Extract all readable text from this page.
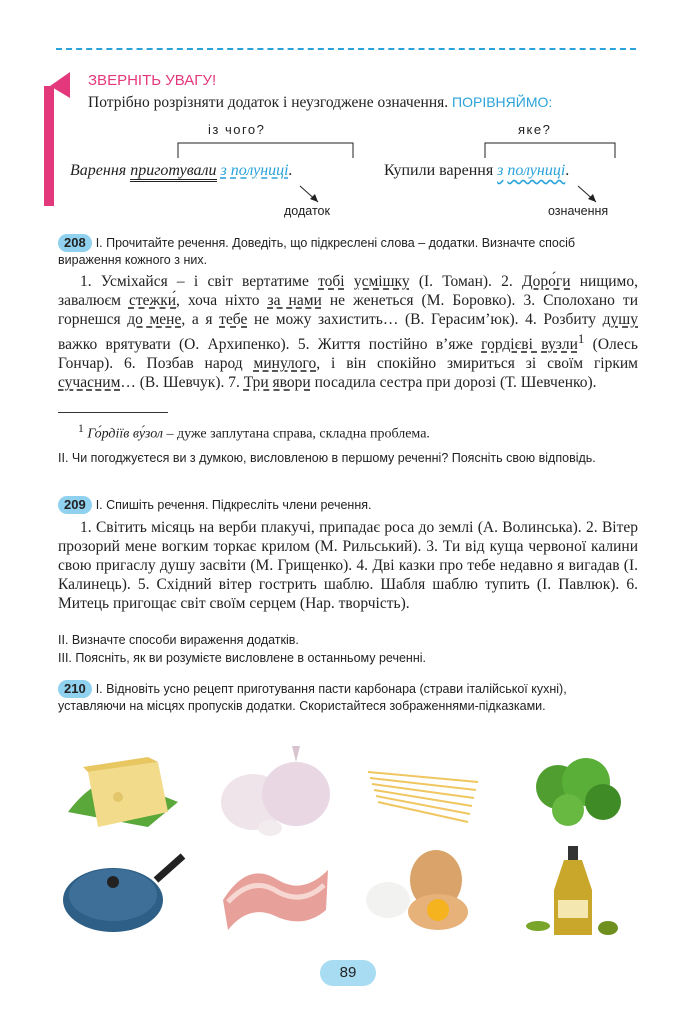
ЗВЕРНІТЬ УВАГУ!
Потрібно розрізняти додаток і неузгоджене означення. ПОРІВНЯЙМО:
із чого?	яке?
Варення приготували з полуниці.	Купили варення з полуниці.
додаток	означення
208 І. Прочитайте речення. Доведіть, що підкреслені слова – додатки. Визначте спосіб вираження кожного з них.

1. Усміхайся – і світ вертатиме тобі усмішку (І. Томан). 2. Доро́ги нищимо, завалюєм стежки́, хоча ніхто за нами не женеться (М. Боровко). 3. Сполохано ти горнешся до мене, а я тебе не можу захистить… (В. Герасим’юк). 4. Розбиту душу важко врятувати (О. Архипенко). 5. Життя постійно в’яже гордієві вузли$^1$ (Олесь Гончар). 6. Позбав народ минулого, і він спокійно змириться зі своїм гірким сучасним… (В. Шевчук). 7. Три явори посадила сестра при дорозі (Т. Шевченко).

$^1$ Го́рдіїв ву́зол – дуже заплутана справа, складна проблема.
ІІ. Чи погоджуєтеся ви з думкою, висловленою в першому реченні? Поясніть свою відповідь.
209 І. Спишіть речення. Підкресліть члени речення.

1. Світить місяць на верби плакучі, припадає роса до землі (А. Волинська). 2. Вітер прозорий мене вогким торкає крилом (М. Рильський). 3. Ти від куща червоної калини свою пригаслу душу засвіти (М. Грищенко). 4. Дві казки про тебе недавно я вигадав (І. Калинець). 5. Східний вітер гострить шаблю. Шабля шаблю тупить (І. Павлюк). 6. Митець пригощає світ своїм серцем (Нар. творчість).

ІІ. Визначте способи вираження додатків.
ІІІ. Поясніть, як ви розумієте висловлене в останньому реченні.
210 І. Відновіть усно рецепт приготування пасти карбонара (страви італійської кухні), уставляючи на місцях пропусків додатки. Скористайтеся зображеннями-підказками.
89
